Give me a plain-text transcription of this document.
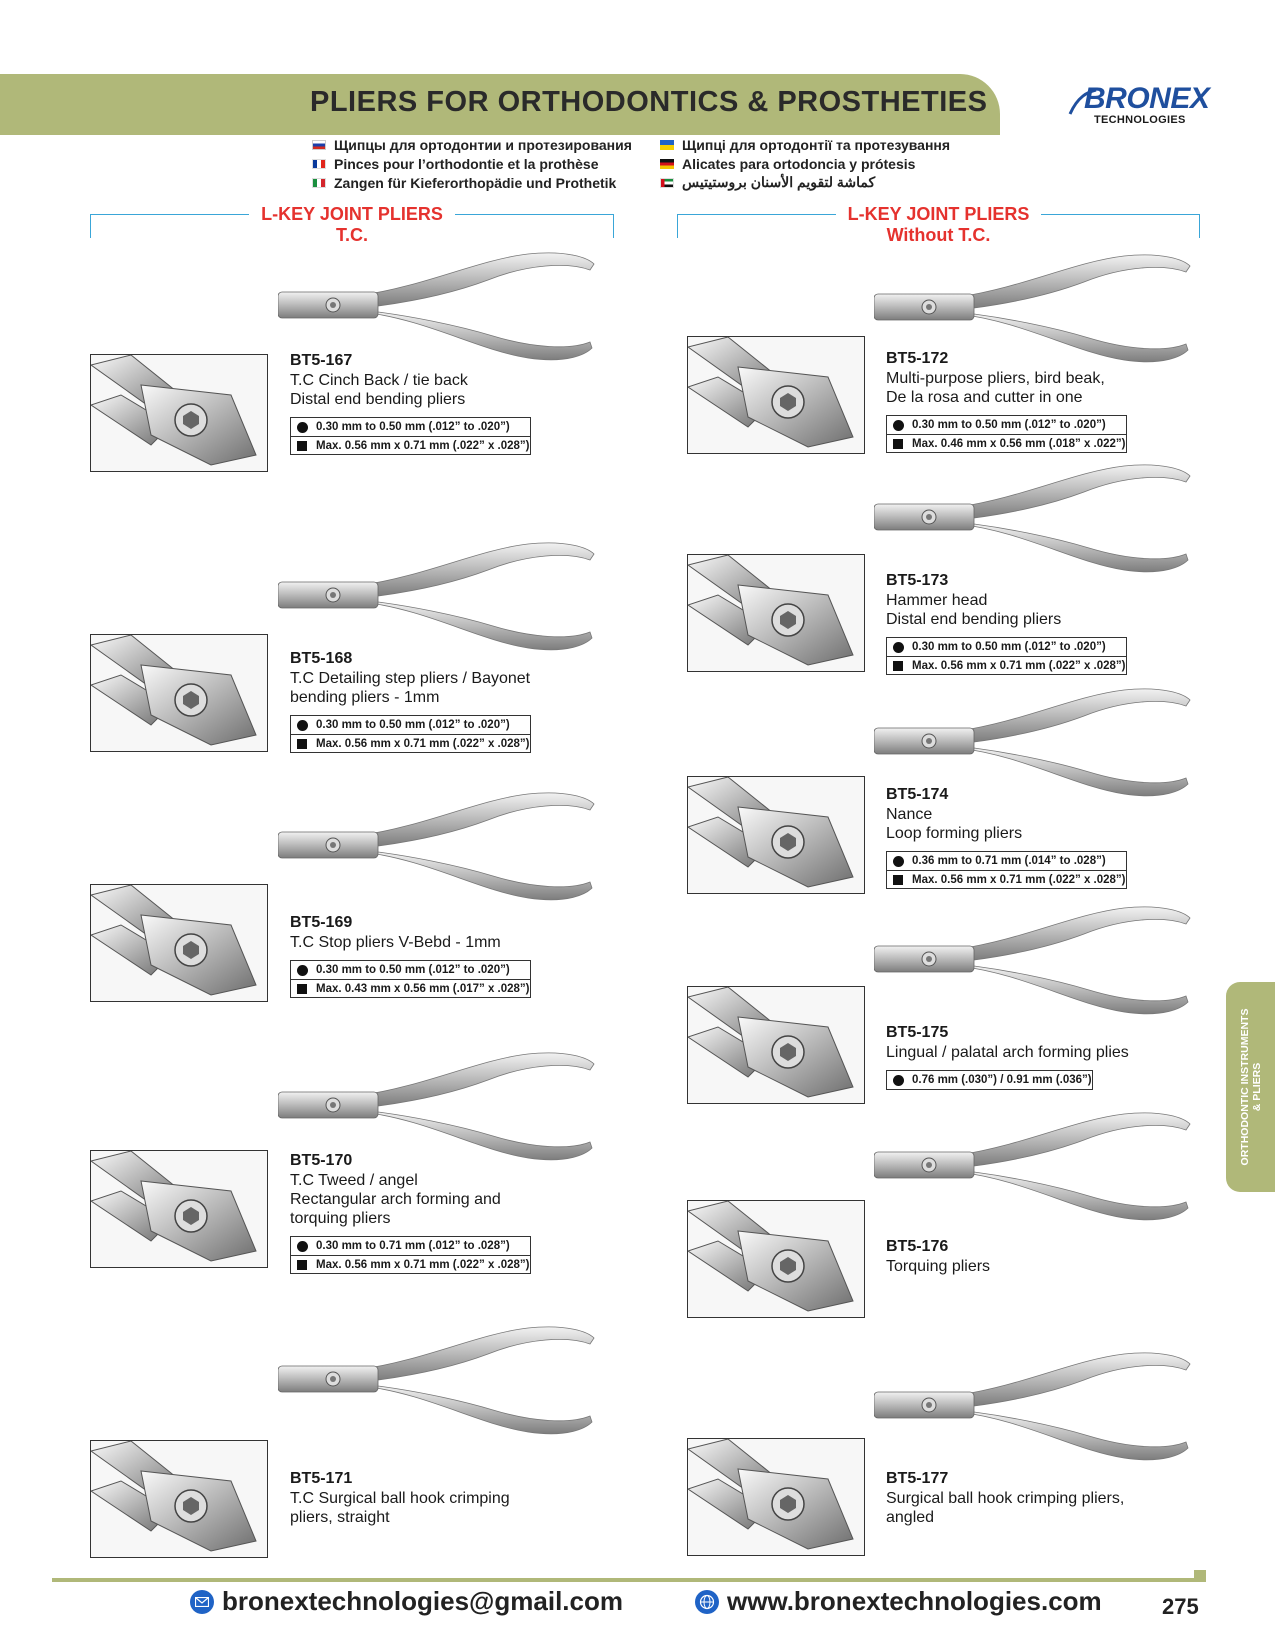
PLIERS FOR ORTHODONTICS & PROSTHETIES	BRONEX
TECHNOLOGIES
Щипцы для ортодонтии и протезирования
Pinces pour l’orthodontie et la prothèse
Zangen für Kieferorthopädie und Prothetik
Щипці для ортодонтії та протезування
Alicates para ortodoncia y prótesis
كماشة لتقويم الأسنان بروستيتيس
L-KEY JOINT PLIERS
T.C.
L-KEY JOINT PLIERS
Without T.C.
BT5-167
T.C Cinch Back / tie back
Distal end bending pliers
0.30 mm to 0.50 mm (.012” to .020”)
Max. 0.56 mm x 0.71 mm (.022” x .028”)
BT5-168
T.C Detailing step pliers / Bayonet
bending pliers - 1mm
0.30 mm to 0.50 mm (.012” to .020”)
Max. 0.56 mm x 0.71 mm (.022” x .028”)
BT5-169
T.C Stop pliers V-Bebd - 1mm
0.30 mm to 0.50 mm (.012” to .020”)
Max. 0.43 mm x 0.56 mm (.017” x .028”)
BT5-170
T.C Tweed / angel
Rectangular arch forming and
torquing pliers
0.30 mm to 0.71 mm (.012” to .028”)
Max. 0.56 mm x 0.71 mm (.022” x .028”)
BT5-171
T.C Surgical ball hook crimping
pliers, straight
BT5-172
Multi-purpose pliers, bird beak,
De la rosa and cutter in one
0.30 mm to 0.50 mm (.012” to .020”)
Max. 0.46 mm x 0.56 mm (.018” x .022”)
BT5-173
Hammer head
Distal end bending pliers
0.30 mm to 0.50 mm (.012” to .020”)
Max. 0.56 mm x 0.71 mm (.022” x .028”)
BT5-174
Nance
Loop forming pliers
0.36 mm to 0.71 mm (.014” to .028”)
Max. 0.56 mm x 0.71 mm (.022” x .028”)
BT5-175
Lingual / palatal arch forming plies
0.76 mm (.030”) / 0.91 mm (.036”)
BT5-176
Torquing pliers
BT5-177
Surgical ball hook crimping pliers,
angled
ORTHODONTIC INSTRUMENTS & PLIERS
bronextechnologies@gmail.com	www.bronextechnologies.com	275
